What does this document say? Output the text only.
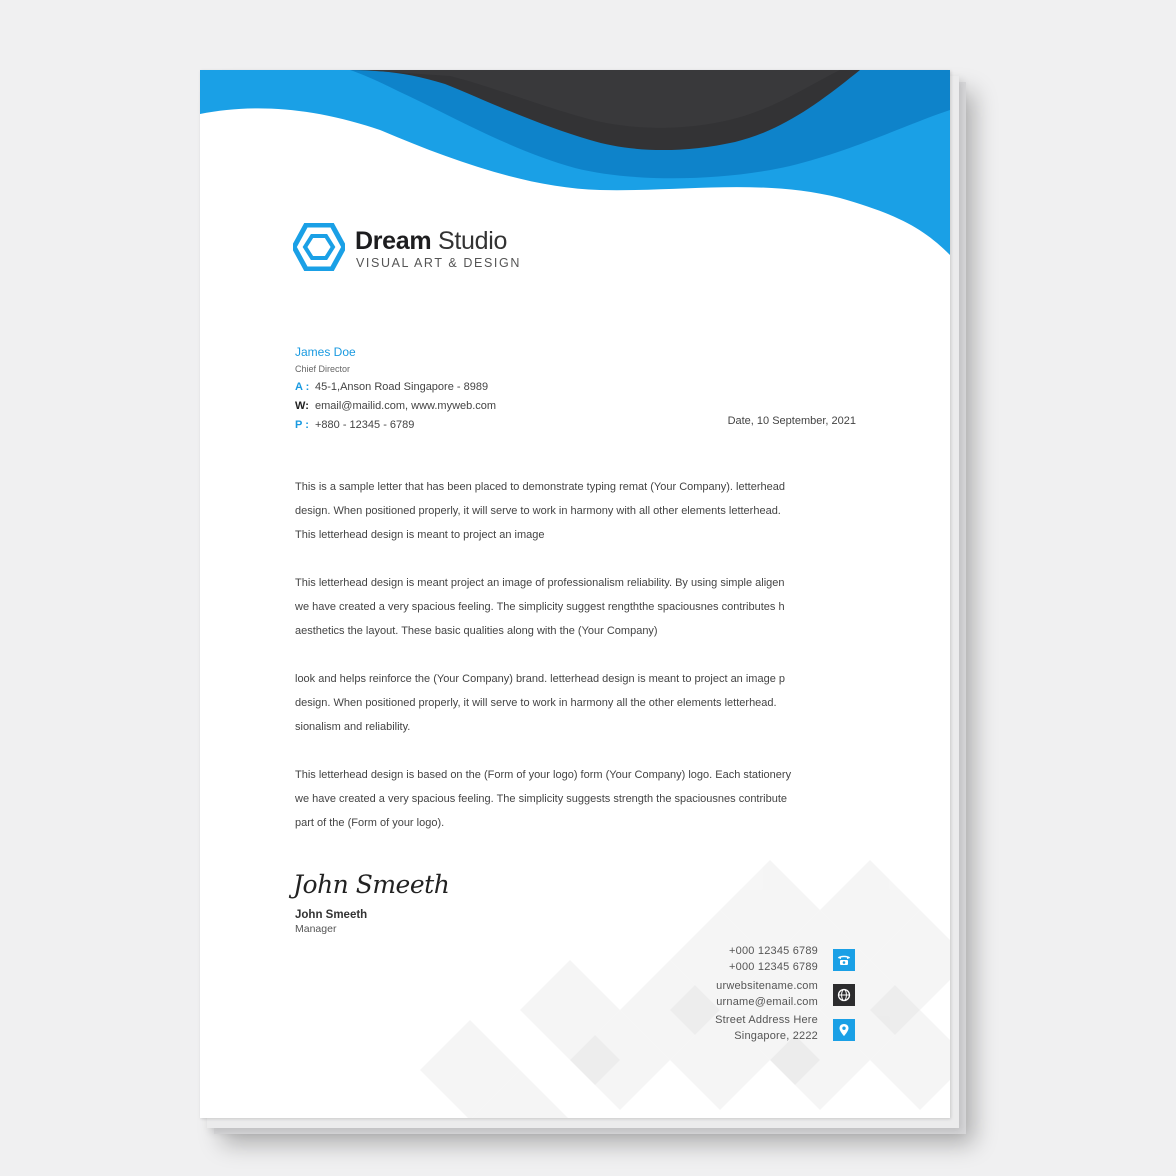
Dream Studio
VISUAL ART & DESIGN
James Doe
Chief Director
A : 45-1,Anson Road Singapore - 8989
W: email@mailid.com, www.myweb.com
P : +880 - 12345 - 6789	Date, 10 September, 2021

This is a sample letter that has been placed to demonstrate typing remat (Your Company). letterhead
design. When positioned properly, it will serve to work in harmony with all other elements letterhead.
This letterhead design is meant to project an image

This letterhead design is meant project an image of professionalism reliability. By using simple aligen
we have created a very spacious feeling. The simplicity suggest rengththe spaciousnes contributes h
aesthetics the layout. These basic qualities along with the (Your Company)

look and helps reinforce the (Your Company) brand. letterhead design is meant to project an image p
design. When positioned properly, it will serve to work in harmony all the other elements letterhead.
sionalism and reliability.

This letterhead design is based on the (Form of your logo) form (Your Company) logo. Each stationery
we have created a very spacious feeling. The simplicity suggests strength the spaciousnes contribute
part of the (Form of your logo).

John Smeeth
John Smeeth
Manager
+000 12345 6789
+000 12345 6789
urwebsitename.com
urname@email.com
Street Address Here
Singapore, 2222
